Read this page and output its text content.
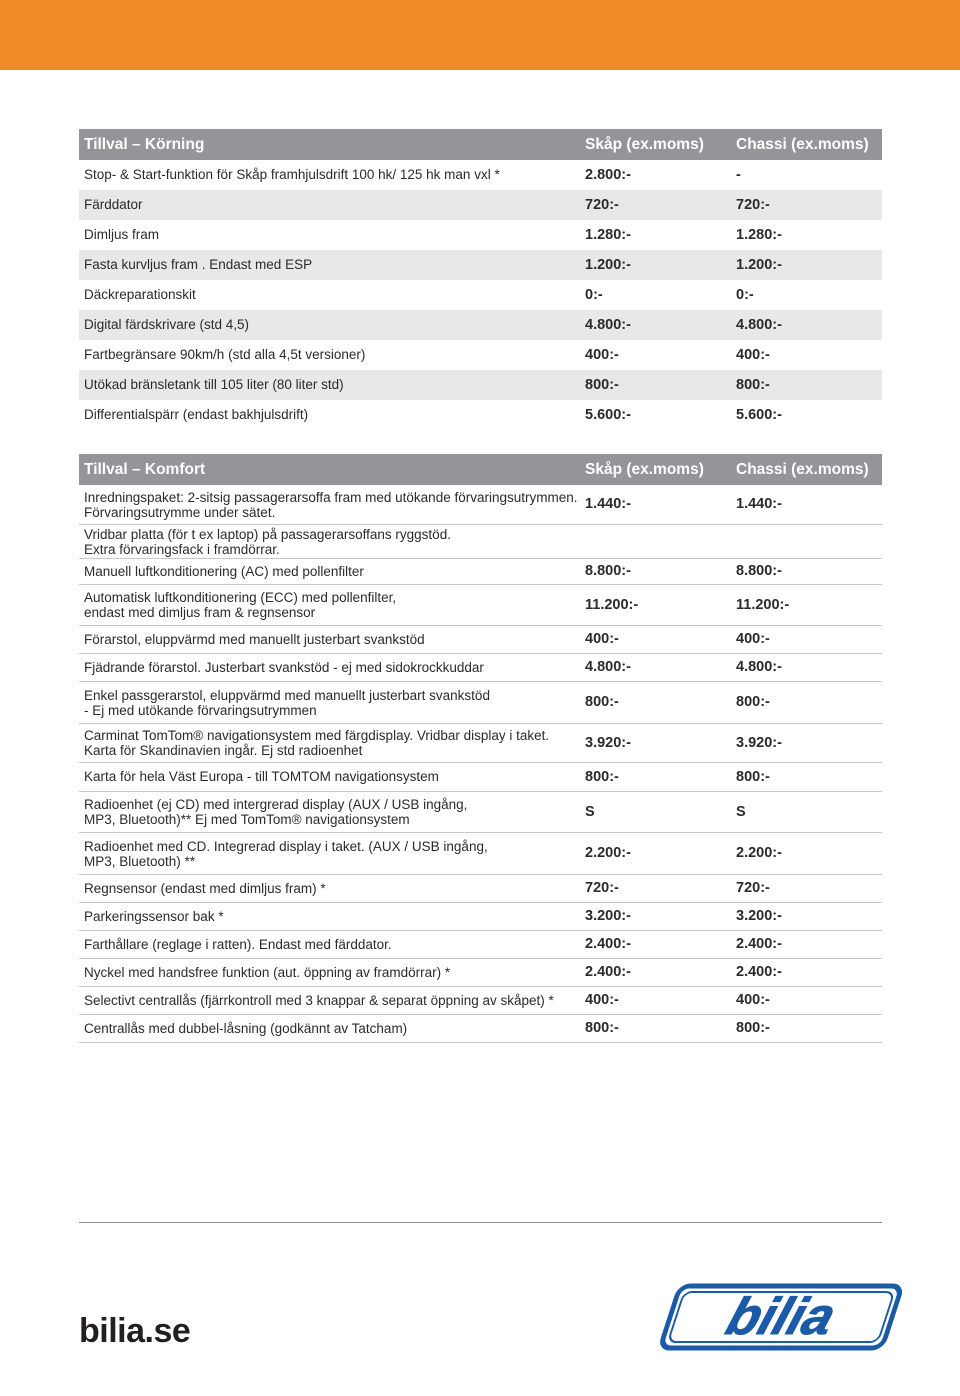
Tillval – Körning	Skåp (ex.moms) Chassi (ex.moms)
Stop- & Start-funktion för Skåp framhjulsdrift 100 hk/ 125 hk man vxl *	2.800:-	-
Färddator	720:-	720:-
Dimljus fram	1.280:-	1.280:-
Fasta kurvljus fram . Endast med ESP	1.200:-	1.200:-
Däckreparationskit	0:-	0:-
Digital färdskrivare (std 4,5)	4.800:-	4.800:-
Fartbegränsare 90km/h (std alla 4,5t versioner)	400:-	400:-
Utökad bränsletank till 105 liter (80 liter std)	800:-	800:-
Differentialspärr (endast bakhjulsdrift)	5.600:-	5.600:-
Tillval – Komfort	Skåp (ex.moms) Chassi (ex.moms)
Inredningspaket: 2-sitsig passagerarsoffa fram med utökande förvaringsutrymmen.
Förvaringsutrymme under sätet.	1.440:-	1.440:-
Vridbar platta (för t ex laptop) på passagerarsoffans ryggstöd.
Extra förvaringsfack i framdörrar.
Manuell luftkonditionering (AC) med pollenfilter	8.800:-	8.800:-
Automatisk luftkonditionering (ECC) med pollenfilter,
endast med dimljus fram & regnsensor	11.200:-	11.200:-
Förarstol, eluppvärmd med manuellt justerbart svankstöd	400:-	400:-
Fjädrande förarstol. Justerbart svankstöd - ej med sidokrockkuddar	4.800:-	4.800:-
Enkel passgerarstol, eluppvärmd med manuellt justerbart svankstöd
- Ej med utökande förvaringsutrymmen	800:-	800:-
Carminat TomTom® navigationsystem med färgdisplay. Vridbar display i taket.
Karta för Skandinavien ingår. Ej std radioenhet	3.920:-	3.920:-
Karta för hela Väst Europa - till TOMTOM navigationsystem	800:-	800:-
Radioenhet (ej CD) med intergrerad display (AUX / USB ingång,
MP3, Bluetooth)** Ej med TomTom® navigationsystem	S	S
Radioenhet med CD. Integrerad display i taket. (AUX / USB ingång,
MP3, Bluetooth) **	2.200:-	2.200:-
Regnsensor (endast med dimljus fram) *	720:-	720:-
Parkeringssensor bak *	3.200:-	3.200:-
Farthållare (reglage i ratten). Endast med färddator.	2.400:-	2.400:-
Nyckel med handsfree funktion (aut. öppning av framdörrar) *	2.400:-	2.400:-
Selectivt centrallås (fjärrkontroll med 3 knappar & separat öppning av skåpet) * 400:-	400:-
Centrallås med dubbel-låsning (godkännt av Tatcham)	800:-	800:-
bilia.se	bilia
